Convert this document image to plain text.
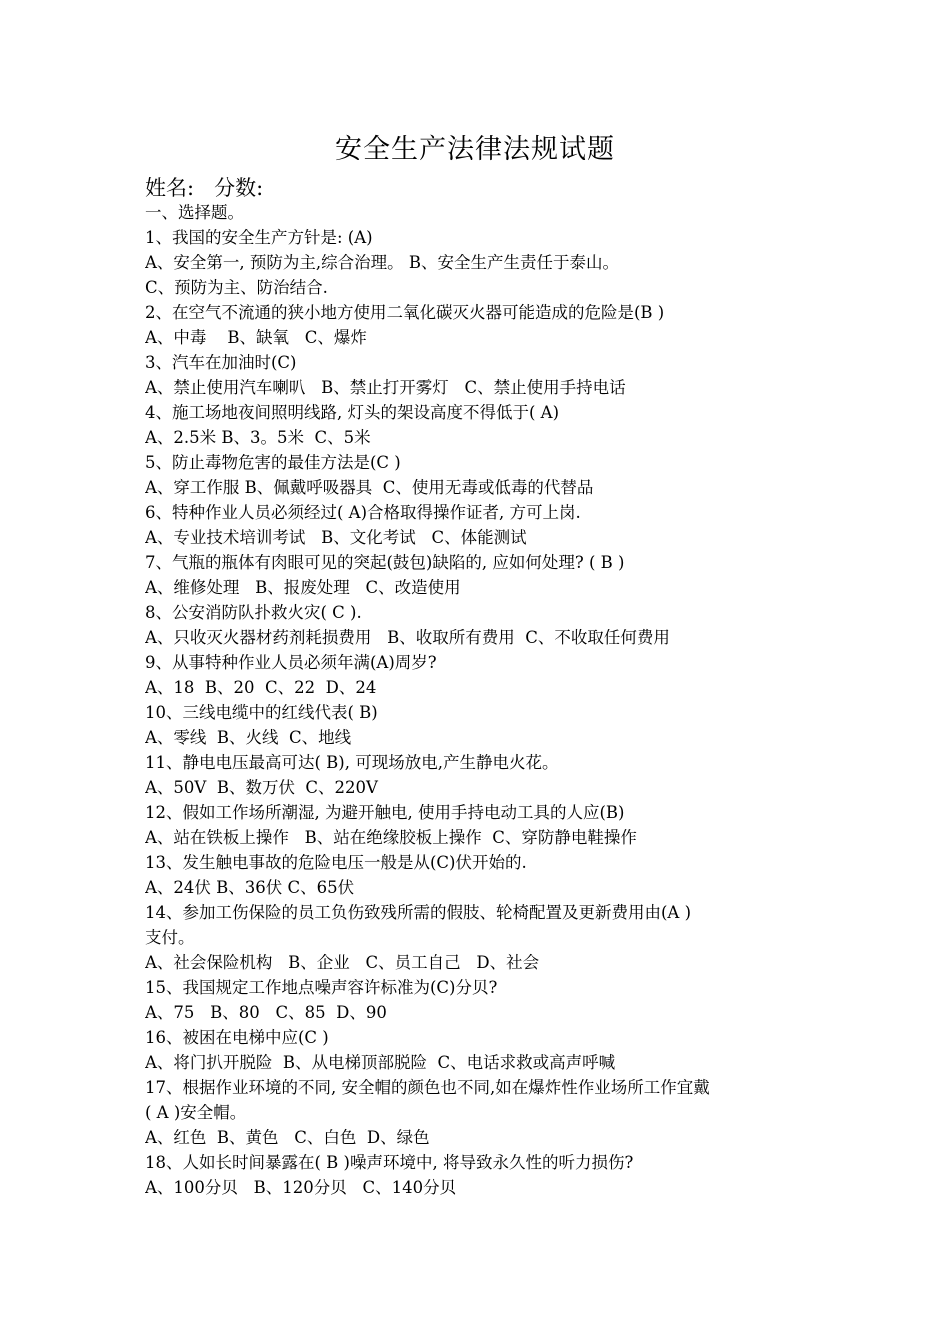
安全生产法律法规试题
姓名:   分数:
一、选择题。
1、我国的安全生产方针是: (A)
A、安全第一, 预防为主,综合治理。 B、安全生产生责任于泰山。
C、预防为主、防治结合.
2、在空气不流通的狭小地方使用二氧化碳灭火器可能造成的危险是(B )
A、中毒    B、缺氧   C、爆炸
3、汽车在加油时(C)
A、禁止使用汽车喇叭   B、禁止打开雾灯   C、禁止使用手持电话
4、施工场地夜间照明线路, 灯头的架设高度不得低于( A)
A、2.5米 B、3。5米  C、5米
5、防止毒物危害的最佳方法是(C )
A、穿工作服 B、佩戴呼吸器具  C、使用无毒或低毒的代替品
6、特种作业人员必须经过( A)合格取得操作证者, 方可上岗.
A、专业技术培训考试   B、文化考试   C、体能测试
7、气瓶的瓶体有肉眼可见的突起(鼓包)缺陷的, 应如何处理? ( B )
A、维修处理   B、报废处理   C、改造使用
8、公安消防队扑救火灾( C ).
A、只收灭火器材药剂耗损费用   B、收取所有费用  C、不收取任何费用
9、从事特种作业人员必须年满(A)周岁?
A、18  B、20  C、22  D、24
10、三线电缆中的红线代表( B)
A、零线  B、火线  C、地线
11、静电电压最高可达( B), 可现场放电,产生静电火花。
A、50V  B、数万伏  C、220V
12、假如工作场所潮湿, 为避开触电, 使用手持电动工具的人应(B)
A、站在铁板上操作   B、站在绝缘胶板上操作  C、穿防静电鞋操作
13、发生触电事故的危险电压一般是从(C)伏开始的.
A、24伏 B、36伏 C、65伏
14、参加工伤保险的员工负伤致残所需的假肢、轮椅配置及更新费用由(A )
支付。
A、社会保险机构   B、企业   C、员工自己   D、社会
15、我国规定工作地点噪声容许标准为(C)分贝?
A、75   B、80   C、85  D、90
16、被困在电梯中应(C )
A、将门扒开脱险  B、从电梯顶部脱险  C、电话求救或高声呼喊
17、根据作业环境的不同, 安全帽的颜色也不同,如在爆炸性作业场所工作宜戴
( A )安全帽。
A、红色  B、黄色   C、白色  D、绿色
18、人如长时间暴露在( B )噪声环境中, 将导致永久性的听力损伤?
A、100分贝   B、120分贝   C、140分贝
